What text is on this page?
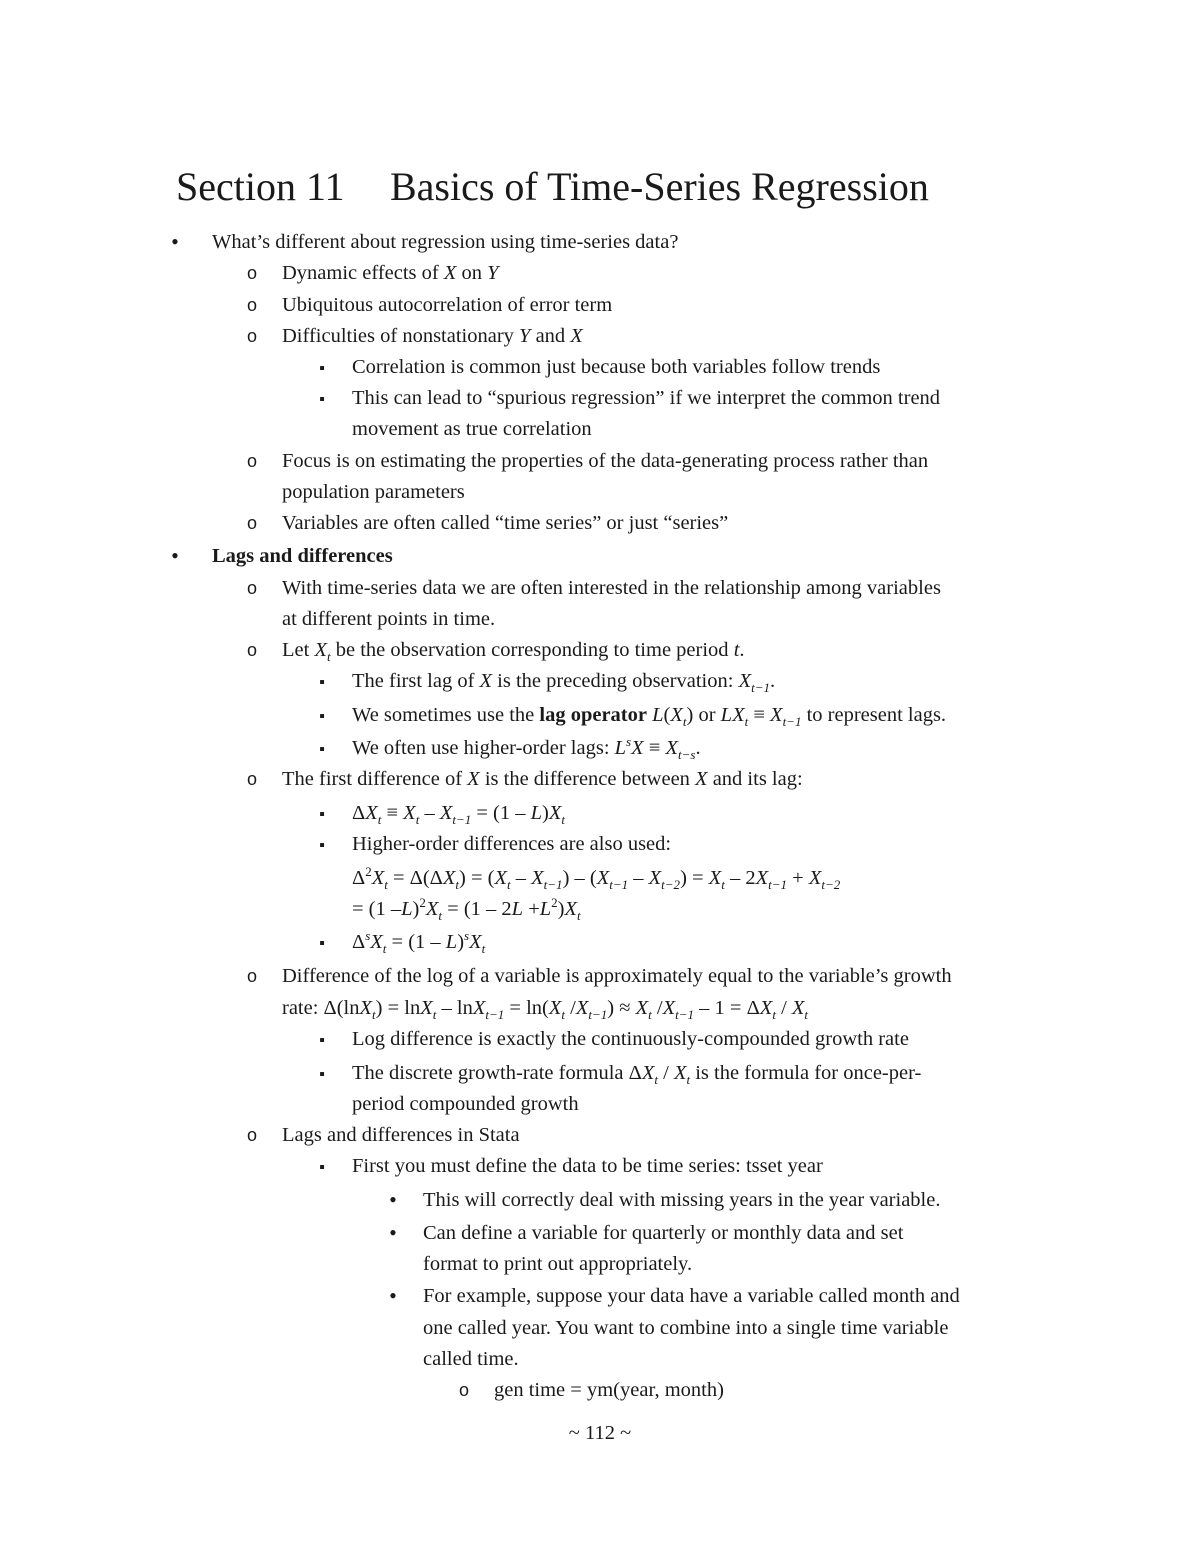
Section 11 Basics of Time-Series Regression
•
What’s different about regression using time-series data?
o
Dynamic effects of X on Y
o
Ubiquitous autocorrelation of error term
o
Difficulties of nonstationary Y and X
▪
Correlation is common just because both variables follow trends
▪
This can lead to “spurious regression” if we interpret the common trend
movement as true correlation
o
Focus is on estimating the properties of the data-generating process rather than
population parameters
o
Variables are often called “time series” or just “series”
•
Lags and differences
o
With time-series data we are often interested in the relationship among variables
at different points in time.
o
Let $X_t$ be the observation corresponding to time period t.
▪
The first lag of X is the preceding observation: $X_{t-1}$.
▪
We sometimes use the lag operator $L(X_t)$ or $LX_t \equiv X_{t-1}$ to represent lags.
▪
We often use higher-order lags: $L^sX \equiv X_{t-s}$.
o
The first difference of X is the difference between X and its lag:
▪
$\Delta X_t \equiv X_t - X_{t-1} = (1 - L)X_t$
▪
Higher-order differences are also used:
$\Delta^2X_t = \Delta(\Delta X_t) = (X_t - X_{t-1}) - (X_{t-1} - X_{t-2}) = X_t - 2X_{t-1} + X_{t-2}$
= (1 $-L)^2X_t = (1 - 2L +L^2)X_t$
▪
$\Delta^sX_t = (1 - L)^sX_t$
o
Difference of the log of a variable is approximately equal to the variable’s growth
rate: $\Delta(\ln X_t) = \ln X_t - \ln X_{t-1} = \ln(X_t$ $/X_{t-1}) \approx X_t$ $/X_{t-1} - 1 = \Delta X_t / X_t$
▪
Log difference is exactly the continuously-compounded growth rate
▪
The discrete growth-rate formula $\Delta X_t / X_t$ is the formula for once-per-
period compounded growth
o
Lags and differences in Stata
▪
First you must define the data to be time series: tsset year
•
This will correctly deal with missing years in the year variable.
•
Can define a variable for quarterly or monthly data and set
format to print out appropriately.
•
For example, suppose your data have a variable called month and
one called year. You want to combine into a single time variable
called time.
o
gen time = ym(year, month)
~ 112 ~
